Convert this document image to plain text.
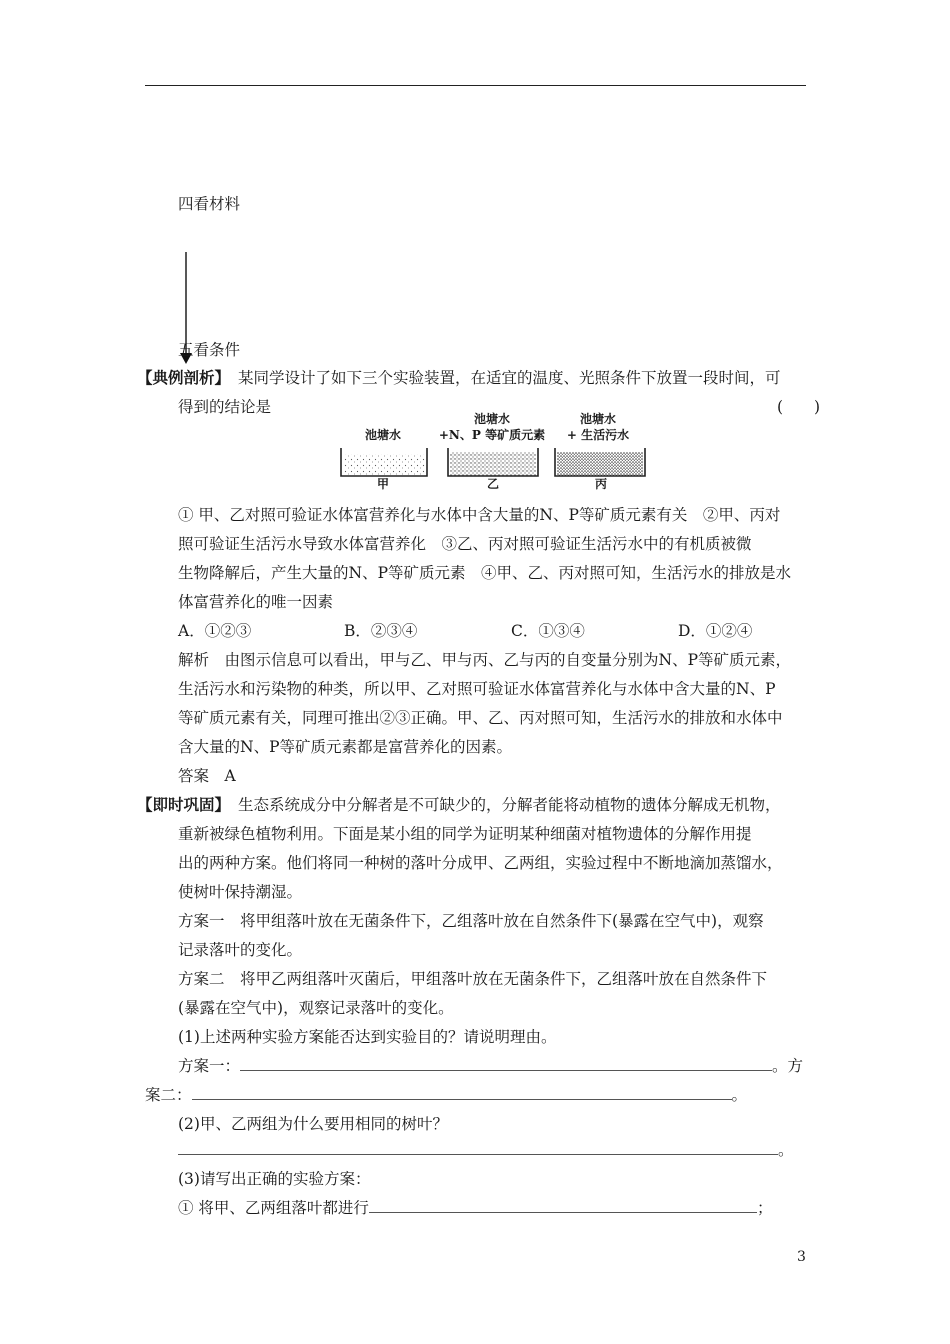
四看材料
五看条件
【典例剖析】 某同学设计了如下三个实验装置，在适宜的温度、光照条件下放置一段时间，可
得到的结论是	(　　)
池塘水
池塘水
+N、P 等矿质元素
池塘水
+ 生活污水
甲	乙	丙
① 甲、乙对照可验证水体富营养化与水体中含大量的N、P等矿质元素有关　②甲、丙对
照可验证生活污水导致水体富营养化　③乙、丙对照可验证生活污水中的有机质被微
生物降解后，产生大量的N、P等矿质元素　④甲、乙、丙对照可知，生活污水的排放是水
体富营养化的唯一因素
A．①②③	B．②③④	C．①③④	D．①②④
解析　由图示信息可以看出，甲与乙、甲与丙、乙与丙的自变量分别为N、P等矿质元素，
生活污水和污染物的种类，所以甲、乙对照可验证水体富营养化与水体中含大量的N、P
等矿质元素有关，同理可推出②③正确。甲、乙、丙对照可知，生活污水的排放和水体中
含大量的N、P等矿质元素都是富营养化的因素。
答案　A
【即时巩固】 生态系统成分中分解者是不可缺少的，分解者能将动植物的遗体分解成无机物，
重新被绿色植物利用。下面是某小组的同学为证明某种细菌对植物遗体的分解作用提
出的两种方案。他们将同一种树的落叶分成甲、乙两组，实验过程中不断地滴加蒸馏水，
使树叶保持潮湿。
方案一　将甲组落叶放在无菌条件下，乙组落叶放在自然条件下(暴露在空气中)，观察
记录落叶的变化。
方案二　将甲乙两组落叶灭菌后，甲组落叶放在无菌条件下，乙组落叶放在自然条件下
(暴露在空气中)，观察记录落叶的变化。
(1)上述两种实验方案能否达到实验目的？请说明理由。
方案一：	。方
案二：	。
(2)甲、乙两组为什么要用相同的树叶？
。
(3)请写出正确的实验方案：
① 将甲、乙两组落叶都进行	；
3
